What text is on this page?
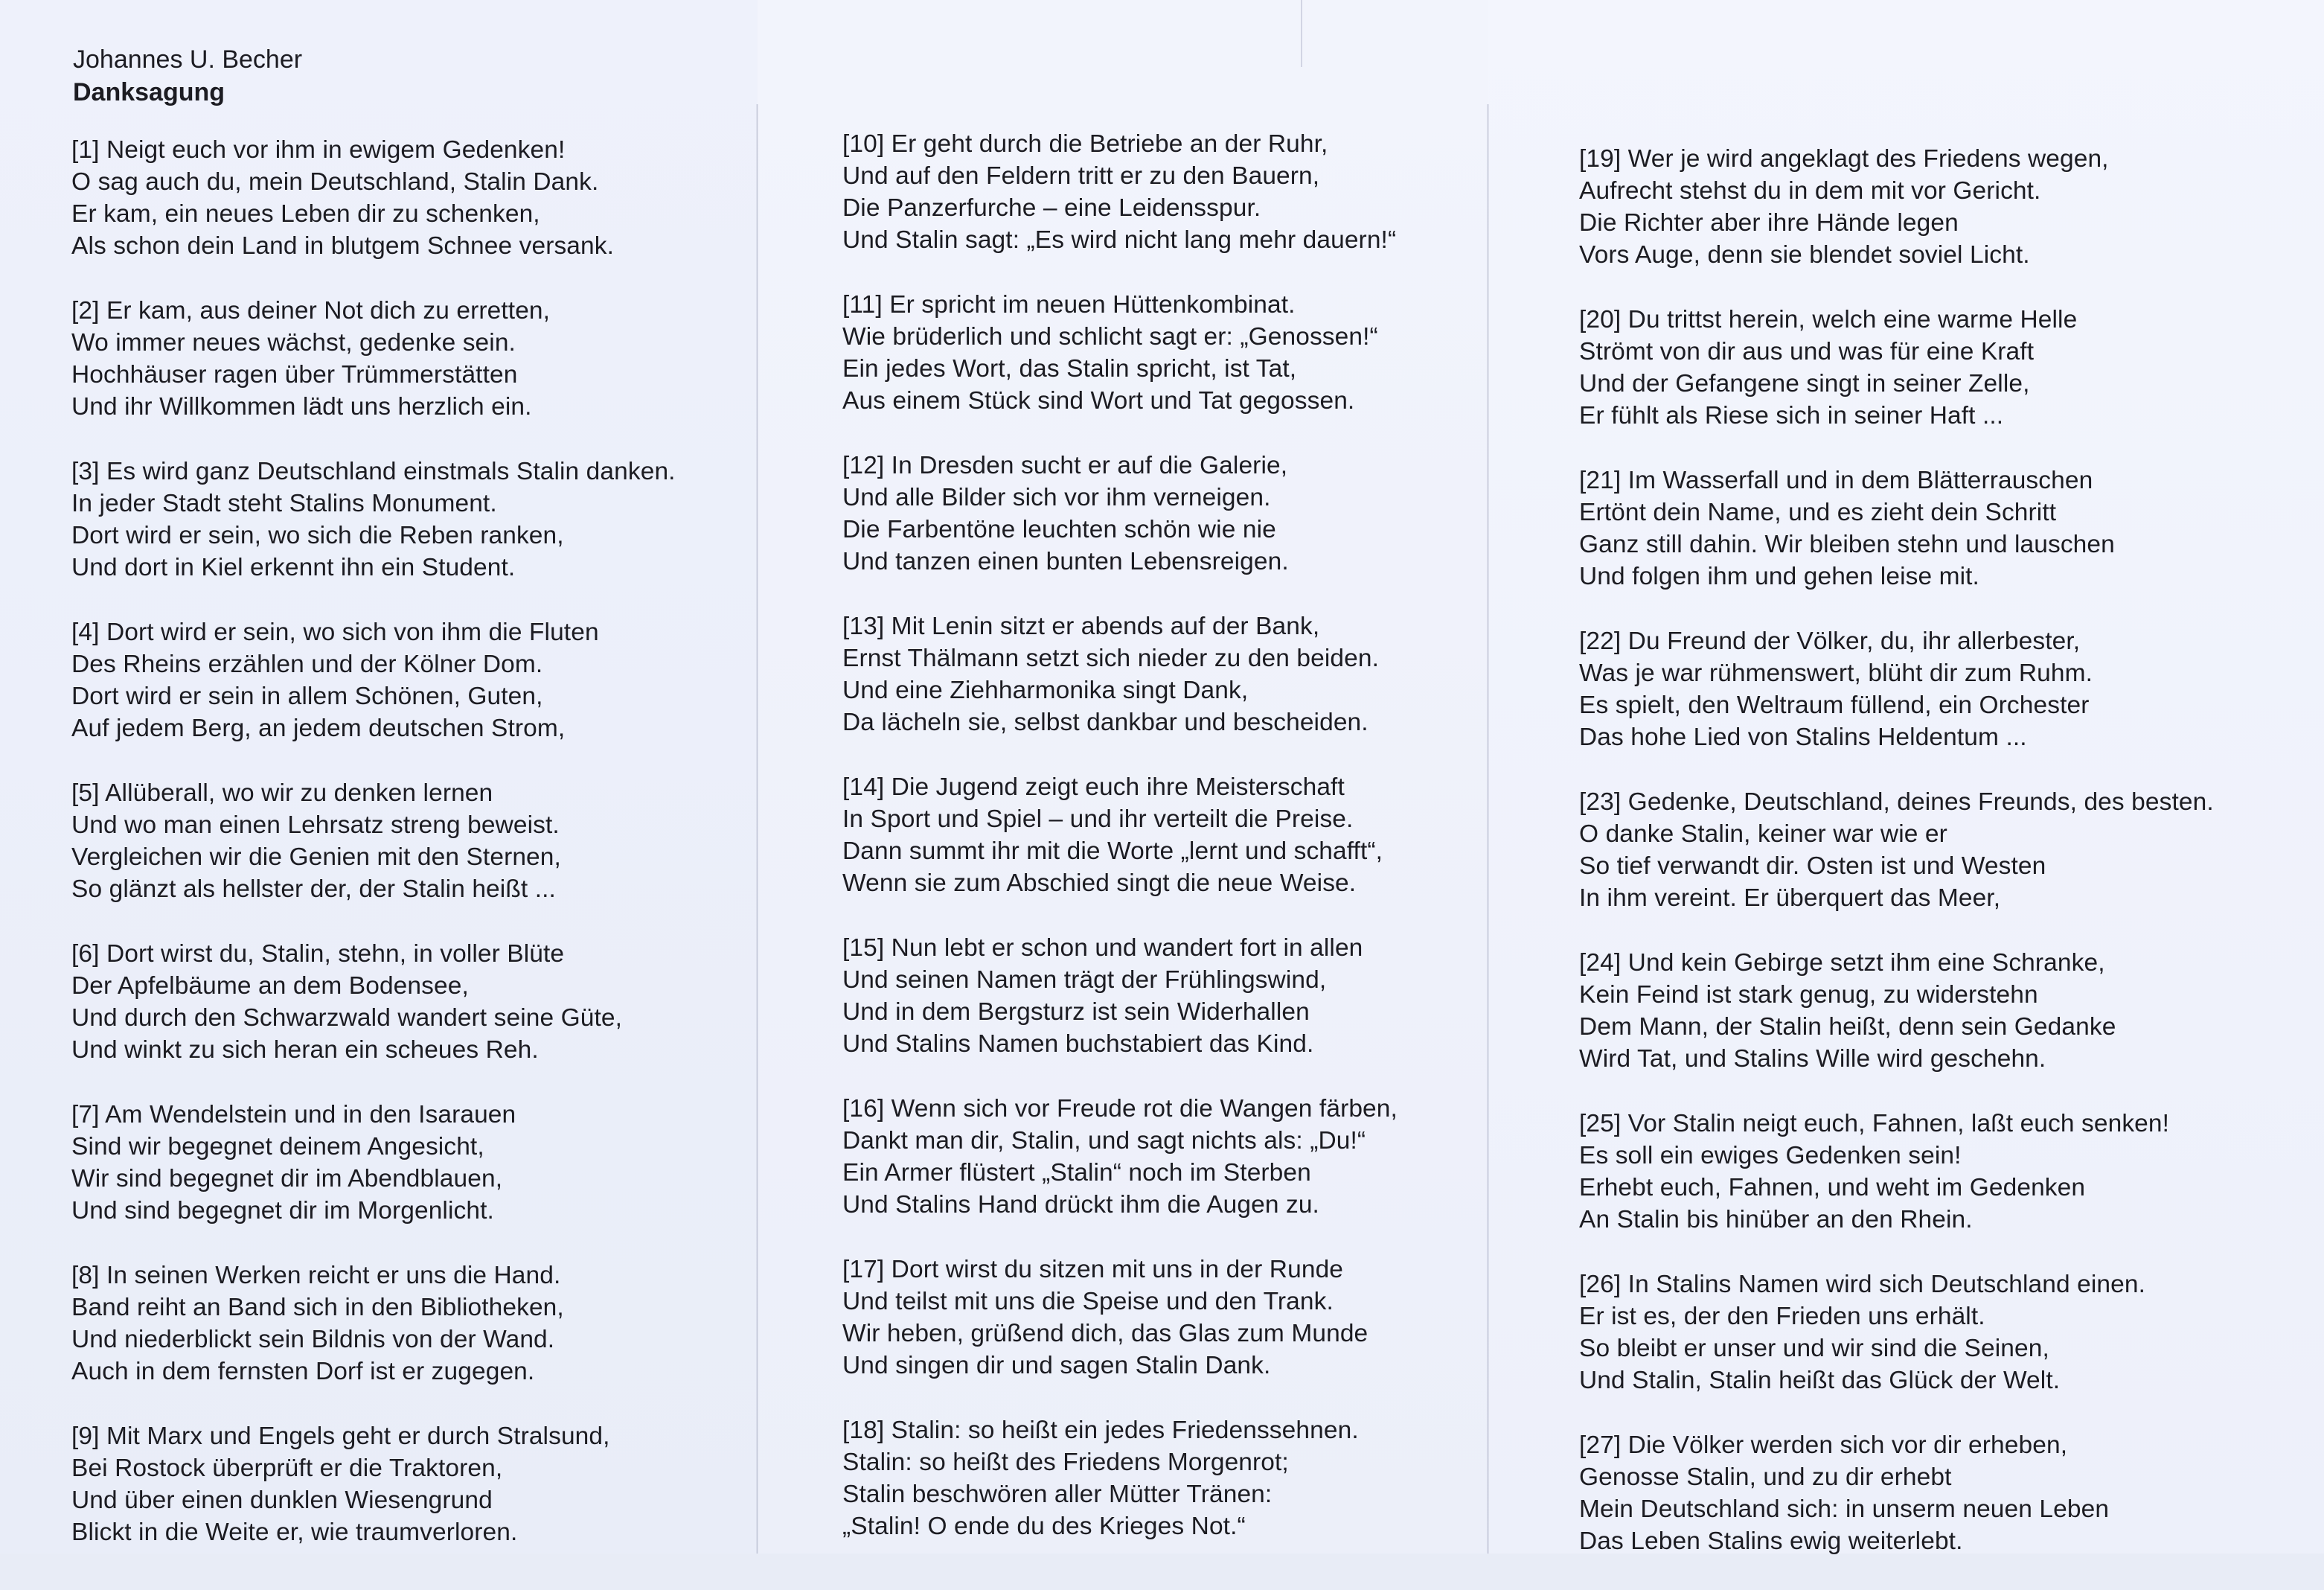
Johannes U. Becher
Danksagung
[1] Neigt euch vor ihm in ewigem Gedenken!
O sag auch du, mein Deutschland, Stalin Dank.
Er kam, ein neues Leben dir zu schenken,
Als schon dein Land in blutgem Schnee versank.
[2] Er kam, aus deiner Not dich zu erretten,
Wo immer neues wächst, gedenke sein.
Hochhäuser ragen über Trümmerstätten
Und ihr Willkommen lädt uns herzlich ein.
[3] Es wird ganz Deutschland einstmals Stalin danken.
In jeder Stadt steht Stalins Monument.
Dort wird er sein, wo sich die Reben ranken,
Und dort in Kiel erkennt ihn ein Student.
[4] Dort wird er sein, wo sich von ihm die Fluten
Des Rheins erzählen und der Kölner Dom.
Dort wird er sein in allem Schönen, Guten,
Auf jedem Berg, an jedem deutschen Strom,
[5] Allüberall, wo wir zu denken lernen
Und wo man einen Lehrsatz streng beweist.
Vergleichen wir die Genien mit den Sternen,
So glänzt als hellster der, der Stalin heißt ...
[6] Dort wirst du, Stalin, stehn, in voller Blüte
Der Apfelbäume an dem Bodensee,
Und durch den Schwarzwald wandert seine Güte,
Und winkt zu sich heran ein scheues Reh.
[7] Am Wendelstein und in den Isarauen
Sind wir begegnet deinem Angesicht,
Wir sind begegnet dir im Abendblauen,
Und sind begegnet dir im Morgenlicht.
[8] In seinen Werken reicht er uns die Hand.
Band reiht an Band sich in den Bibliotheken,
Und niederblickt sein Bildnis von der Wand.
Auch in dem fernsten Dorf ist er zugegen.
[9] Mit Marx und Engels geht er durch Stralsund,
Bei Rostock überprüft er die Traktoren,
Und über einen dunklen Wiesengrund
Blickt in die Weite er, wie traumverloren.
[10] Er geht durch die Betriebe an der Ruhr,
Und auf den Feldern tritt er zu den Bauern,
Die Panzerfurche – eine Leidensspur.
Und Stalin sagt: „Es wird nicht lang mehr dauern!“
[11] Er spricht im neuen Hüttenkombinat.
Wie brüderlich und schlicht sagt er: „Genossen!“
Ein jedes Wort, das Stalin spricht, ist Tat,
Aus einem Stück sind Wort und Tat gegossen.
[12] In Dresden sucht er auf die Galerie,
Und alle Bilder sich vor ihm verneigen.
Die Farbentöne leuchten schön wie nie
Und tanzen einen bunten Lebensreigen.
[13] Mit Lenin sitzt er abends auf der Bank,
Ernst Thälmann setzt sich nieder zu den beiden.
Und eine Ziehharmonika singt Dank,
Da lächeln sie, selbst dankbar und bescheiden.
[14] Die Jugend zeigt euch ihre Meisterschaft
In Sport und Spiel – und ihr verteilt die Preise.
Dann summt ihr mit die Worte „lernt und schafft“,
Wenn sie zum Abschied singt die neue Weise.
[15] Nun lebt er schon und wandert fort in allen
Und seinen Namen trägt der Frühlingswind,
Und in dem Bergsturz ist sein Widerhallen
Und Stalins Namen buchstabiert das Kind.
[16] Wenn sich vor Freude rot die Wangen färben,
Dankt man dir, Stalin, und sagt nichts als: „Du!“
Ein Armer flüstert „Stalin“ noch im Sterben
Und Stalins Hand drückt ihm die Augen zu.
[17] Dort wirst du sitzen mit uns in der Runde
Und teilst mit uns die Speise und den Trank.
Wir heben, grüßend dich, das Glas zum Munde
Und singen dir und sagen Stalin Dank.
[18] Stalin: so heißt ein jedes Friedenssehnen.
Stalin: so heißt des Friedens Morgenrot;
Stalin beschwören aller Mütter Tränen:
„Stalin! O ende du des Krieges Not.“
[19] Wer je wird angeklagt des Friedens wegen,
Aufrecht stehst du in dem mit vor Gericht.
Die Richter aber ihre Hände legen
Vors Auge, denn sie blendet soviel Licht.
[20] Du trittst herein, welch eine warme Helle
Strömt von dir aus und was für eine Kraft
Und der Gefangene singt in seiner Zelle,
Er fühlt als Riese sich in seiner Haft ...
[21] Im Wasserfall und in dem Blätterrauschen
Ertönt dein Name, und es zieht dein Schritt
Ganz still dahin. Wir bleiben stehn und lauschen
Und folgen ihm und gehen leise mit.
[22] Du Freund der Völker, du, ihr allerbester,
Was je war rühmenswert, blüht dir zum Ruhm.
Es spielt, den Weltraum füllend, ein Orchester
Das hohe Lied von Stalins Heldentum ...
[23] Gedenke, Deutschland, deines Freunds, des besten.
O danke Stalin, keiner war wie er
So tief verwandt dir. Osten ist und Westen
In ihm vereint. Er überquert das Meer,
[24] Und kein Gebirge setzt ihm eine Schranke,
Kein Feind ist stark genug, zu widerstehn
Dem Mann, der Stalin heißt, denn sein Gedanke
Wird Tat, und Stalins Wille wird geschehn.
[25] Vor Stalin neigt euch, Fahnen, laßt euch senken!
Es soll ein ewiges Gedenken sein!
Erhebt euch, Fahnen, und weht im Gedenken
An Stalin bis hinüber an den Rhein.
[26] In Stalins Namen wird sich Deutschland einen.
Er ist es, der den Frieden uns erhält.
So bleibt er unser und wir sind die Seinen,
Und Stalin, Stalin heißt das Glück der Welt.
[27] Die Völker werden sich vor dir erheben,
Genosse Stalin, und zu dir erhebt
Mein Deutschland sich: in unserm neuen Leben
Das Leben Stalins ewig weiterlebt.
